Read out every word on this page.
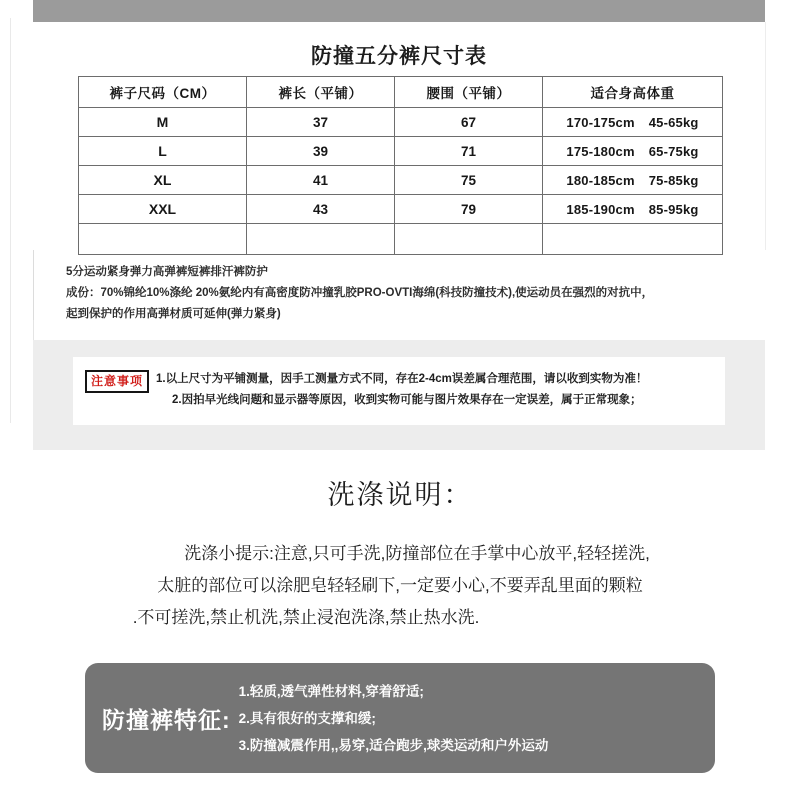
防撞五分裤尺寸表
裤子尺码（CM）	裤长（平铺）	腰围（平铺）	适合身高体重
M	37	67	170-175cm 45-65kg

L	39	71	175-180cm 65-75kg

XL	41	75	180-185cm 75-85kg

XXL	43	79	185-190cm 85-95kg

5分运动紧身弹力高弹裤短裤排汗裤防护
成份：70%锦纶10%涤纶 20%氨纶内有高密度防冲撞乳胶PRO-OVTI海绵(科技防撞技术),使运动员在强烈的对抗中，
起到保护的作用高弹材质可延伸(弹力紧身)
注意事项	1.以上尺寸为平铺测量，因手工测量方式不同，存在2-4cm误差属合理范围，请以收到实物为准！
2.因拍早光线问题和显示器等原因，收到实物可能与图片效果存在一定误差，属于正常现象；
洗涤说明：
洗涤小提示:注意,只可手洗,防撞部位在手掌中心放平,轻轻搓洗,
太脏的部位可以涂肥皂轻轻刷下,一定要小心,不要弄乱里面的颗粒
.不可搓洗,禁止机洗,禁止浸泡洗涤,禁止热水洗.
防撞裤特征:
1.轻质,透气弹性材料,穿着舒适;
2.具有很好的支撑和缓;
3.防撞减震作用,,易穿,适合跑步,球类运动和户外运动
